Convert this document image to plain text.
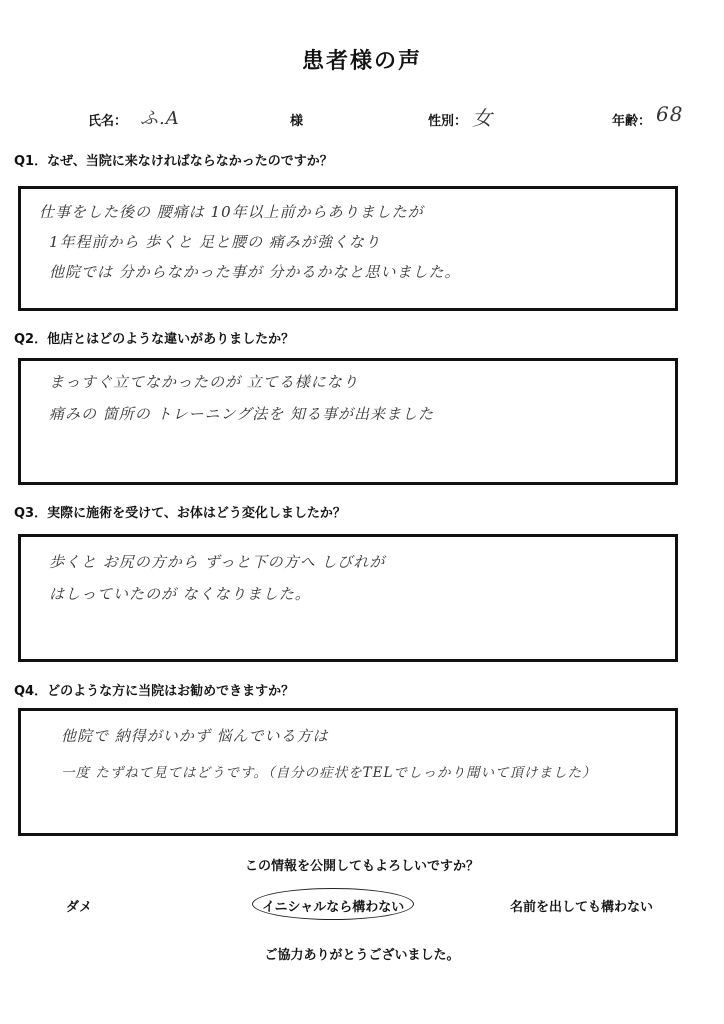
患者様の声
氏名： ふ.A	様	性別： 女	年齢： 68
Q1．なぜ、当院に来なければならなかったのですか？
仕事をした後の 腰痛は 10年以上前からありましたが
1年程前から 歩くと 足と腰の 痛みが強くなり
他院では 分からなかった事が 分かるかなと思いました。
Q2．他店とはどのような違いがありましたか？
まっすぐ立てなかったのが 立てる様になり
痛みの 箇所の トレーニング法を 知る事が出来ました
Q3．実際に施術を受けて、お体はどう変化しましたか？
歩くと お尻の方から ずっと下の方へ しびれが
はしっていたのが なくなりました。
Q4．どのような方に当院はお勧めできますか？
他院で 納得がいかず 悩んでいる方は
一度 たずねて見てはどうです。（自分の症状をTELでしっかり聞いて頂けました）
この情報を公開してもよろしいですか？
ダメ	イニシャルなら構わない	名前を出しても構わない
ご協力ありがとうございました。
